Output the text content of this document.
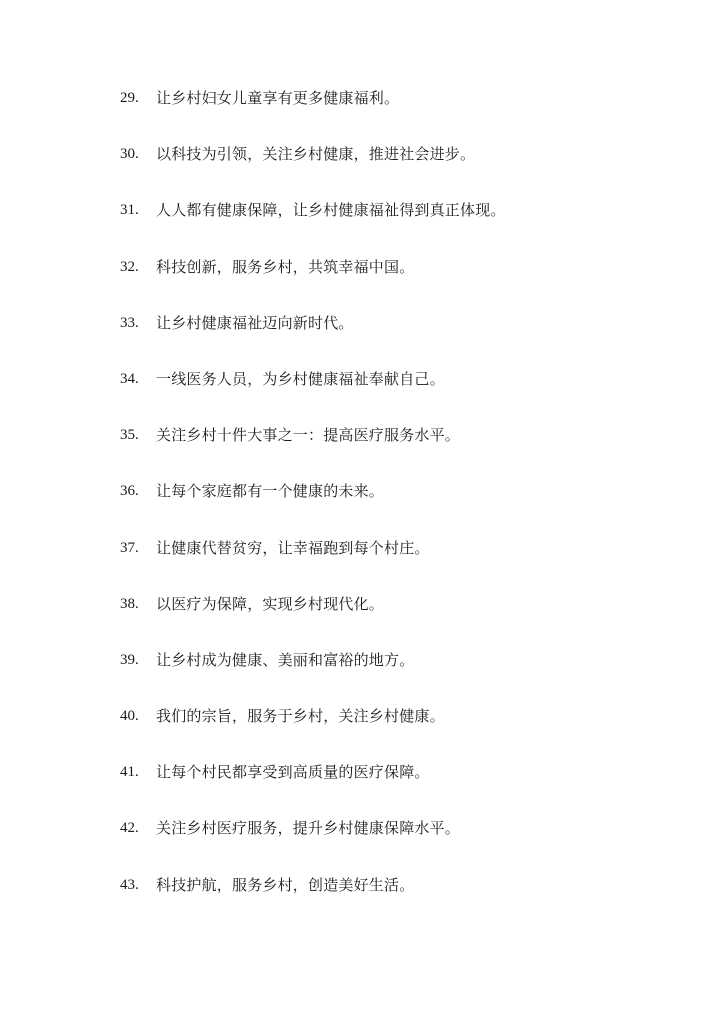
29.	让乡村妇女儿童享有更多健康福利。
30.	以科技为引领，关注乡村健康，推进社会进步。
31.	人人都有健康保障，让乡村健康福祉得到真正体现。
32.	科技创新，服务乡村，共筑幸福中国。
33.	让乡村健康福祉迈向新时代。
34.	一线医务人员，为乡村健康福祉奉献自己。
35.	关注乡村十件大事之一：提高医疗服务水平。
36.	让每个家庭都有一个健康的未来。
37.	让健康代替贫穷，让幸福跑到每个村庄。
38.	以医疗为保障，实现乡村现代化。
39.	让乡村成为健康、美丽和富裕的地方。
40.	我们的宗旨，服务于乡村，关注乡村健康。
41.	让每个村民都享受到高质量的医疗保障。
42.	关注乡村医疗服务，提升乡村健康保障水平。
43.	科技护航，服务乡村，创造美好生活。
